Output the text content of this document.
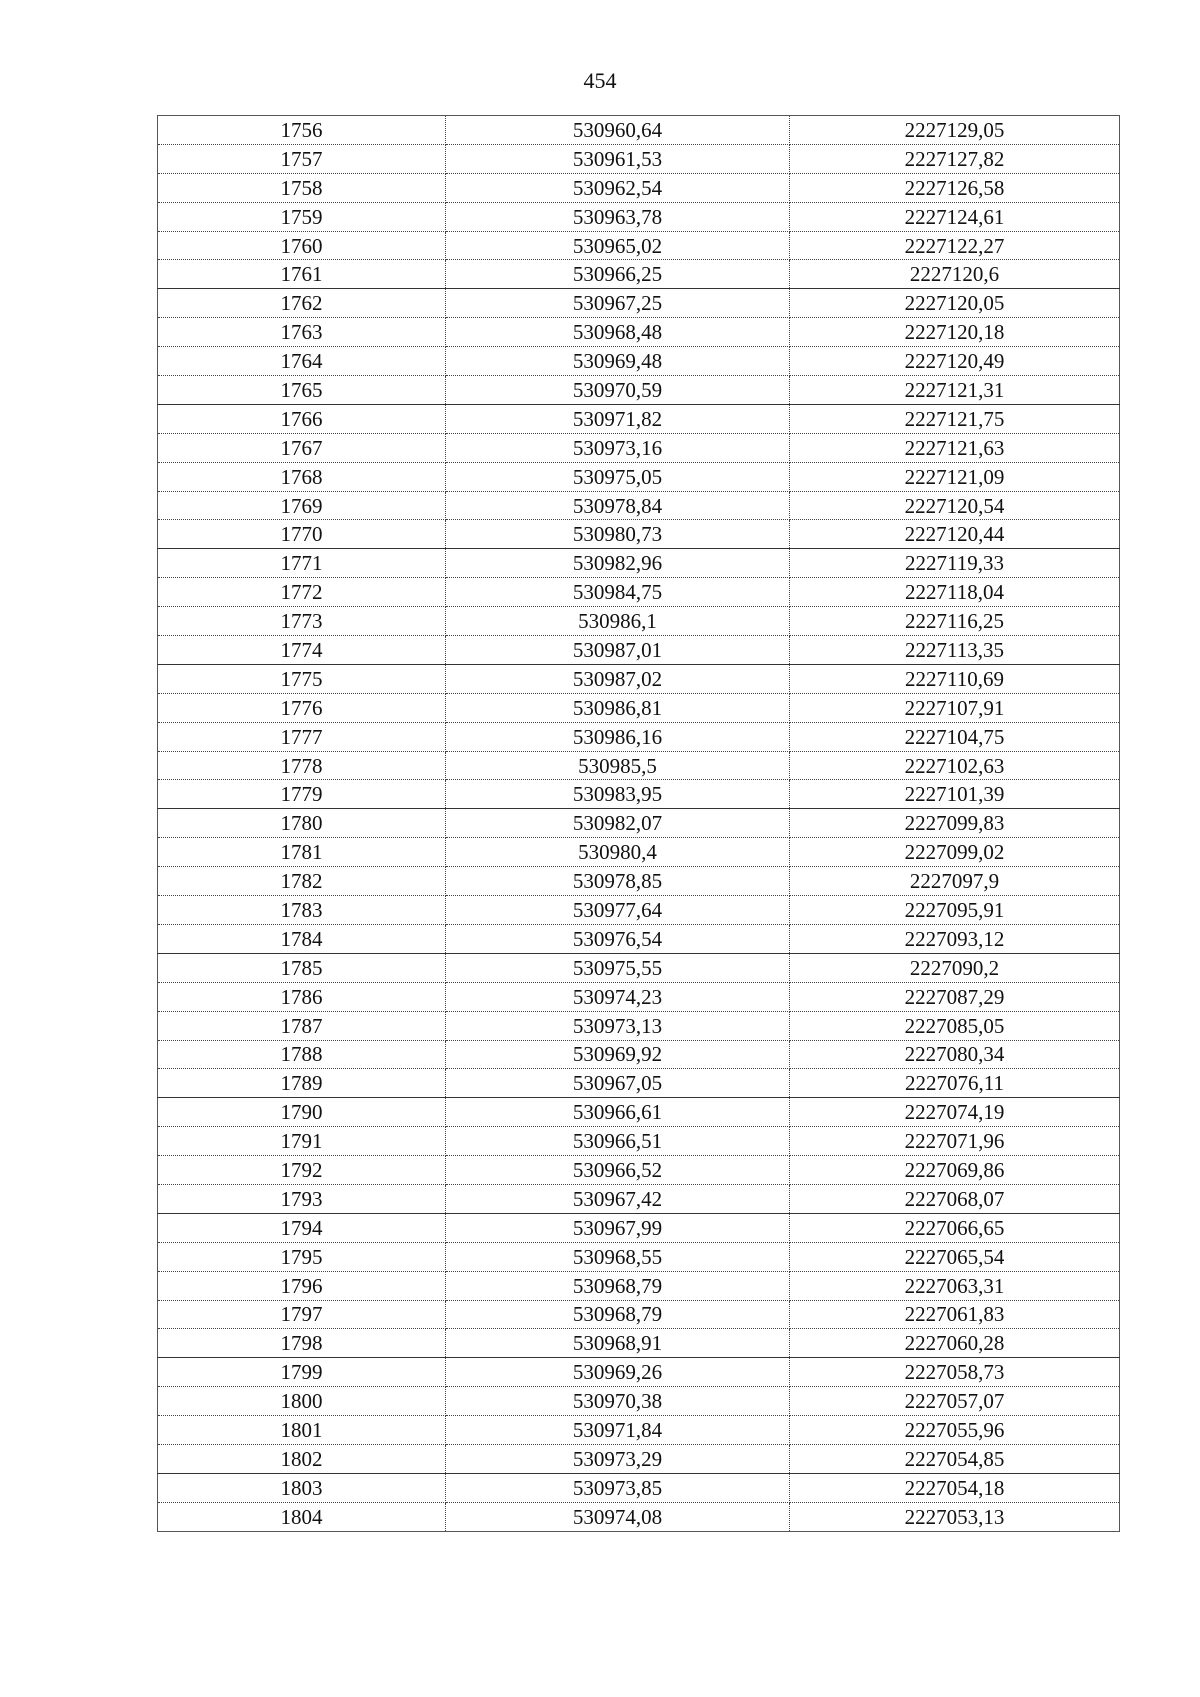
454
1756	530960,64	2227129,05
1757	530961,53	2227127,82
1758	530962,54	2227126,58
1759	530963,78	2227124,61
1760	530965,02	2227122,27
1761	530966,25	2227120,6
1762	530967,25	2227120,05
1763	530968,48	2227120,18
1764	530969,48	2227120,49
1765	530970,59	2227121,31
1766	530971,82	2227121,75
1767	530973,16	2227121,63
1768	530975,05	2227121,09
1769	530978,84	2227120,54
1770	530980,73	2227120,44
1771	530982,96	2227119,33
1772	530984,75	2227118,04
1773	530986,1	2227116,25
1774	530987,01	2227113,35
1775	530987,02	2227110,69
1776	530986,81	2227107,91
1777	530986,16	2227104,75
1778	530985,5	2227102,63
1779	530983,95	2227101,39
1780	530982,07	2227099,83
1781	530980,4	2227099,02
1782	530978,85	2227097,9
1783	530977,64	2227095,91
1784	530976,54	2227093,12
1785	530975,55	2227090,2
1786	530974,23	2227087,29
1787	530973,13	2227085,05
1788	530969,92	2227080,34
1789	530967,05	2227076,11
1790	530966,61	2227074,19
1791	530966,51	2227071,96
1792	530966,52	2227069,86
1793	530967,42	2227068,07
1794	530967,99	2227066,65
1795	530968,55	2227065,54
1796	530968,79	2227063,31
1797	530968,79	2227061,83
1798	530968,91	2227060,28
1799	530969,26	2227058,73
1800	530970,38	2227057,07
1801	530971,84	2227055,96
1802	530973,29	2227054,85
1803	530973,85	2227054,18
1804	530974,08	2227053,13
